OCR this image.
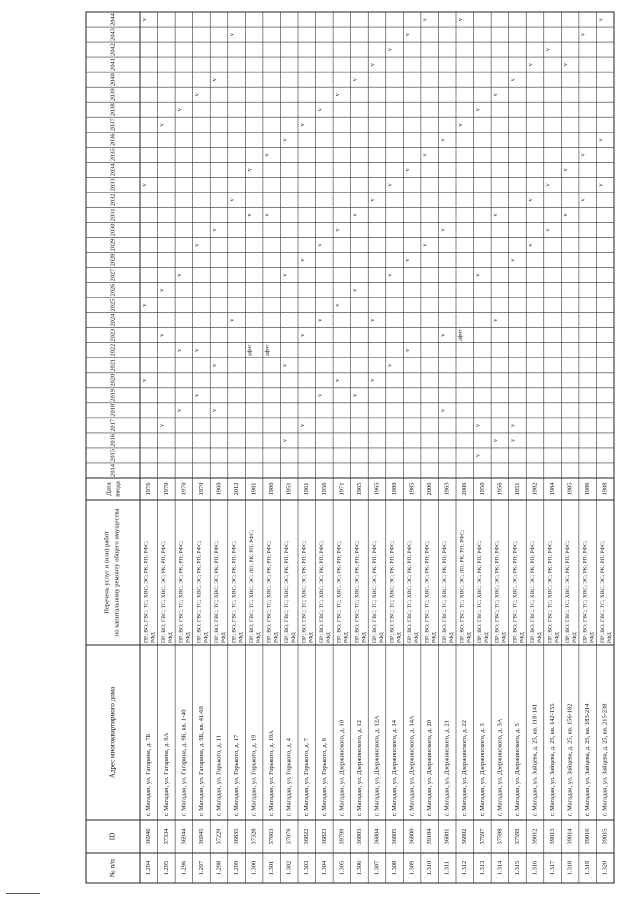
№ п/п
ID
Адрес многоквартирного дома
Перечень услуг и (или) работ по капитальному ремонту общего имущества
Дата ввода
2014
2015
2016
2017
2018
2019
2020
2021
2022
2023
2024
2025
2026
2027
2028
2029
2030
2031
2032
2033
2034
2035
2036
2037
2038
2039
2040
2041
2042
2043
2044
1.294
36946
г. Магадан, ул. Гагарина, д. 7Б
ПР; ВО; ГВС; ТС; ХВС; ЭС; РК; РП; РФС; РФД
1976
v
v
v
v
1.295
37334
г. Магадан, ул. Гагарина, д. 9А
ПР; ВО; ГВС; ТС; ХВС; ЭС; РК; РП; РФС; РФД
1970
v
v
v
v
1.296
36944
г. Магадан, ул. Гагарина, д. 9Б, кв. 1-40
ПР; ВО; ГВС; ТС; ХВС; ЭС; РК; РП; РФС; РФД
1970
v
v
v
v
1.297
36945
г. Магадан, ул. Гагарина, д. 9Б, кв. 41-60
ПР; ВО; ГВС; ТС; ХВС; ЭС; РК; РП; РФС; РФД
1970
v
v
v
v
1.298
37229
г. Магадан, ул. Горького, д. 11
ПР; ВО; ГВС; ТС; ХВС; ЭС; РК; РП; РФС; РФД
1960
v
v
v
v
1.299
36835
г. Магадан, ул. Горького, д. 17
ПР; ВО; ГВС; ТС; ХВС; ЭС; РК; РП; РФС; РФД
2012
v
v
v
1.300
37328
г. Магадан, ул. Горького, д. 19
ПР; ВО; ГВС; ТС; ХВС; ЭС; ЛО; РК; РП; РФС; РФД
1981
дфнт
v
v
1.301
37663
г. Магадан, ул. Горького, д. 19А
ПР; ВО; ГВС; ТС; ХВС; ЭС; РК; РП; РФС; РФД
1980
дфнт
v
v
1.302
37079
г. Магадан, ул. Горького, д. 4
ПР; ВО; ГВС; ТС; ХВС; ЭС; РК; РП; РФС; РФД
1951
v
v
v
v
1.303
36822
г. Магадан, ул. Горького, д. 7
ПР; ВО; ГВС; ТС; ХВС; ЭС; РК; РП; РФС; РФД
1961
v
v
v
v
1.304
36823
г. Магадан, ул. Горького, д. 8
ПР; ВО; ГВС; ТС; ХВС; ЭС; РК; РП; РФС; РФД
1956
v
v
v
v
1.305
39799
г. Магадан, ул. Дзержинского, д. 10
ПР; ВО; ГВС; ТС; ХВС; ЭС; РК; РП; РФС; РФД
1971
v
v
v
v
1.306
36803
г. Магадан, ул. Дзержинского, д. 12
ПР; ВО; ГВС; ТС; ХВС; ЭС; РК; РП; РФС; РФД
1965
v
v
v
v
1.307
36804
г. Магадан, ул. Дзержинского, д. 12А
ПР; ВО; ГВС; ТС; ХВС; ЭС; РК; РП; РФС; РФД
1965
v
v
v
v
1.308
36805
г. Магадан, ул. Дзержинского, д. 14
ПР; ВО; ГВС; ТС; ХВС; ЭС; РК; РП; РФС; РФД
1980
v
v
v
v
1.309
36800
г. Магадан, ул. Дзержинского, д. 14А
ПР; ВО; ГВС; ТС; ХВС; ЭС; РК; РП; РФС; РФД
1985
v
v
v
v
1.310
39184
г. Магадан, ул. Дзержинского, д. 20
ПР; ВО; ГВС; ТС; ХВС; ЭС; РК; РП; РФС; РФД
2006
v
v
v
1.311
36801
г. Магадан, ул. Дзержинского, д. 21
ПР; ВО; ГВС; ТС; ХВС; ЭС; РК; РП; РФС; РФД
1963
v
v
v
v
1.312
36802
г. Магадан, ул. Дзержинского, д. 22
ПР; ВО; ГВС; ТС; ХВС; ЭС; ЛО; РК; РП; РФС; РФД
2006
дфнт
v
v
1.313
37597
г. Магадан, ул. Дзержинского, д. 3
ПР; ВО; ГВС; ТС; ХВС; ЭС; РК; РП; РФС; РФД
1950
v
v
v
v
1.314
37598
г. Магадан, ул. Дзержинского, д. 3А
ПР; ВО; ГВС; ТС; ХВС; ЭС; РК; РП; РФС; РФД
1956
v
v
v
v
1.315
37599
г. Магадан, ул. Дзержинского, д. 5
ПР; ВО; ГВС; ТС; ХВС; ЭС; РК; РП; РФС; РФД
1951
v
v
v
v
1.316
39012
г. Магадан, ул. Зайцева, д. 25, кв. 118-141
ПР; ВО; ГВС; ТС; ХВС; ЭС; РК; РП; РФС; РФД
1982
v
v
v
1.317
39013
г. Магадан, ул. Зайцева, д. 25, кв. 142-155
ПР; ВО; ГВС; ТС; ХВС; ЭС; РК; РП; РФС; РФД
1984
v
v
v
1.318
39014
г. Магадан, ул. Зайцева, д. 25, кв. 156-182
ПР; ВО; ГВС; ТС; ХВС; ЭС; РК; РП; РФС; РФД
1985
v
v
v
1.319
39016
г. Магадан, ул. Зайцева, д. 25, кв. 183-214
ПР; ВО; ГВС; ТС; ХВС; ЭС; РК; РП; РФС; РФД
1986
v
v
v
1.320
39015
г. Магадан, ул. Зайцева, д. 25, кв. 215-238
ПР; ВО; ГВС; ТС; ХВС; ЭС; РК; РП; РФС; РФД
1988
v
v
v
